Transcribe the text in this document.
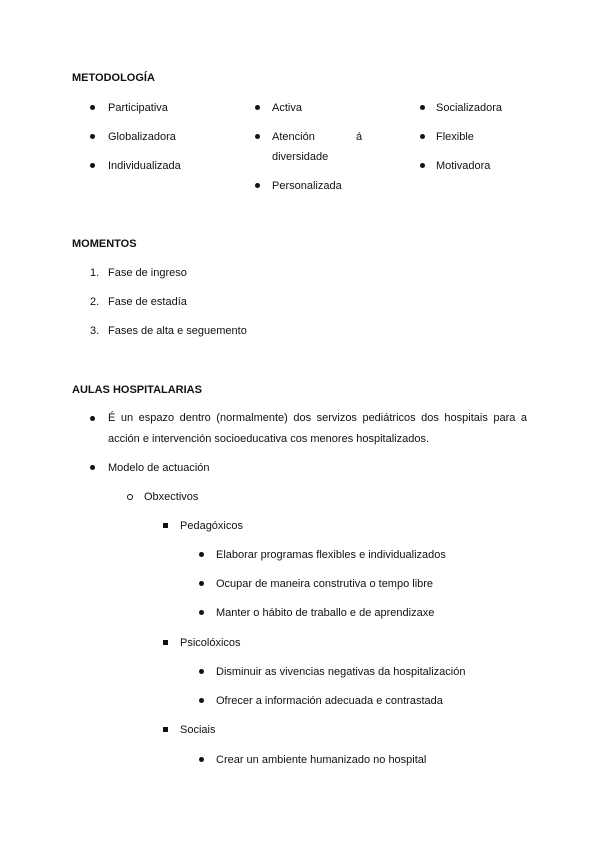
METODOLOGÍA
Participativa
Globalizadora
Individualizada
Activa
Atención	á
diversidade
Personalizada
Socializadora
Flexible
Motivadora
MOMENTOS
1. Fase de ingreso
2. Fase de estadía
3. Fases de alta e seguemento
AULAS HOSPITALARIAS
É un espazo dentro (normalmente) dos servizos pediátricos dos hospitais para a acción e intervención socioeducativa cos menores hospitalizados.
Modelo de actuación
Obxectivos
Pedagóxicos
Elaborar programas flexibles e individualizados
Ocupar de maneira construtiva o tempo libre
Manter o hábito de traballo e de aprendizaxe
Psicolóxicos
Disminuir as vivencias negativas da hospitalización
Ofrecer a información adecuada e contrastada
Sociais
Crear un ambiente humanizado no hospital
